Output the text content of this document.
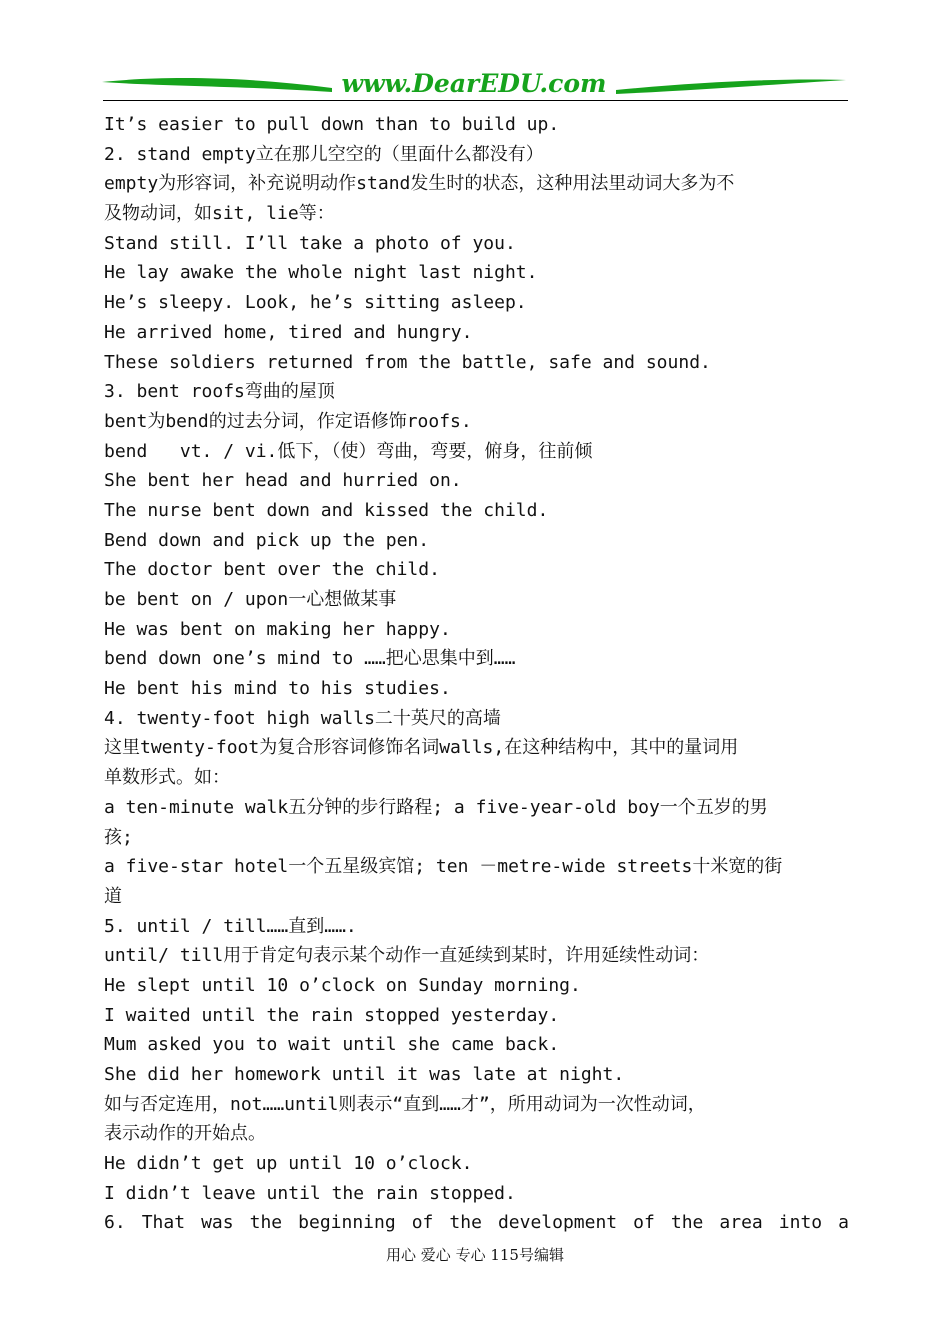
www.DearEDU.com
It’s easier to pull down than to build up.
2. stand empty立在那儿空空的（里面什么都没有）
empty为形容词，补充说明动作stand发生时的状态，这种用法里动词大多为不
及物动词，如sit, lie等：
Stand still. I’ll take a photo of you.
He lay awake the whole night last night.
He’s sleepy. Look, he’s sitting asleep.
He arrived home, tired and hungry.
These soldiers returned from the battle, safe and sound.
3. bent roofs弯曲的屋顶
bent为bend的过去分词，作定语修饰roofs.
bend   vt. / vi.低下，（使）弯曲，弯要，俯身，往前倾
She bent her head and hurried on.
The nurse bent down and kissed the child.
Bend down and pick up the pen.
The doctor bent over the child.
be bent on / upon一心想做某事
He was bent on making her happy.
bend down one’s mind to ……把心思集中到……
He bent his mind to his studies.
4. twenty-foot high walls二十英尺的高墙
这里twenty-foot为复合形容词修饰名词walls,在这种结构中，其中的量词用
单数形式。如：
a ten-minute walk五分钟的步行路程; a five-year-old boy一个五岁的男
孩;
a five-star hotel一个五星级宾馆; ten －metre-wide streets十米宽的街
道
5. until / till……直到…….
until/ till用于肯定句表示某个动作一直延续到某时，许用延续性动词：
He slept until 10 o’clock on Sunday morning.
I waited until the rain stopped yesterday.
Mum asked you to wait until she came back.
She did her homework until it was late at night.
如与否定连用，not……until则表示“直到……才”，所用动词为一次性动词，
表示动作的开始点。
He didn’t get up until 10 o’clock.
I didn’t leave until the rain stopped.
6. That was the beginning of the development of the area into a
用心 爱心 专心 115号编辑
